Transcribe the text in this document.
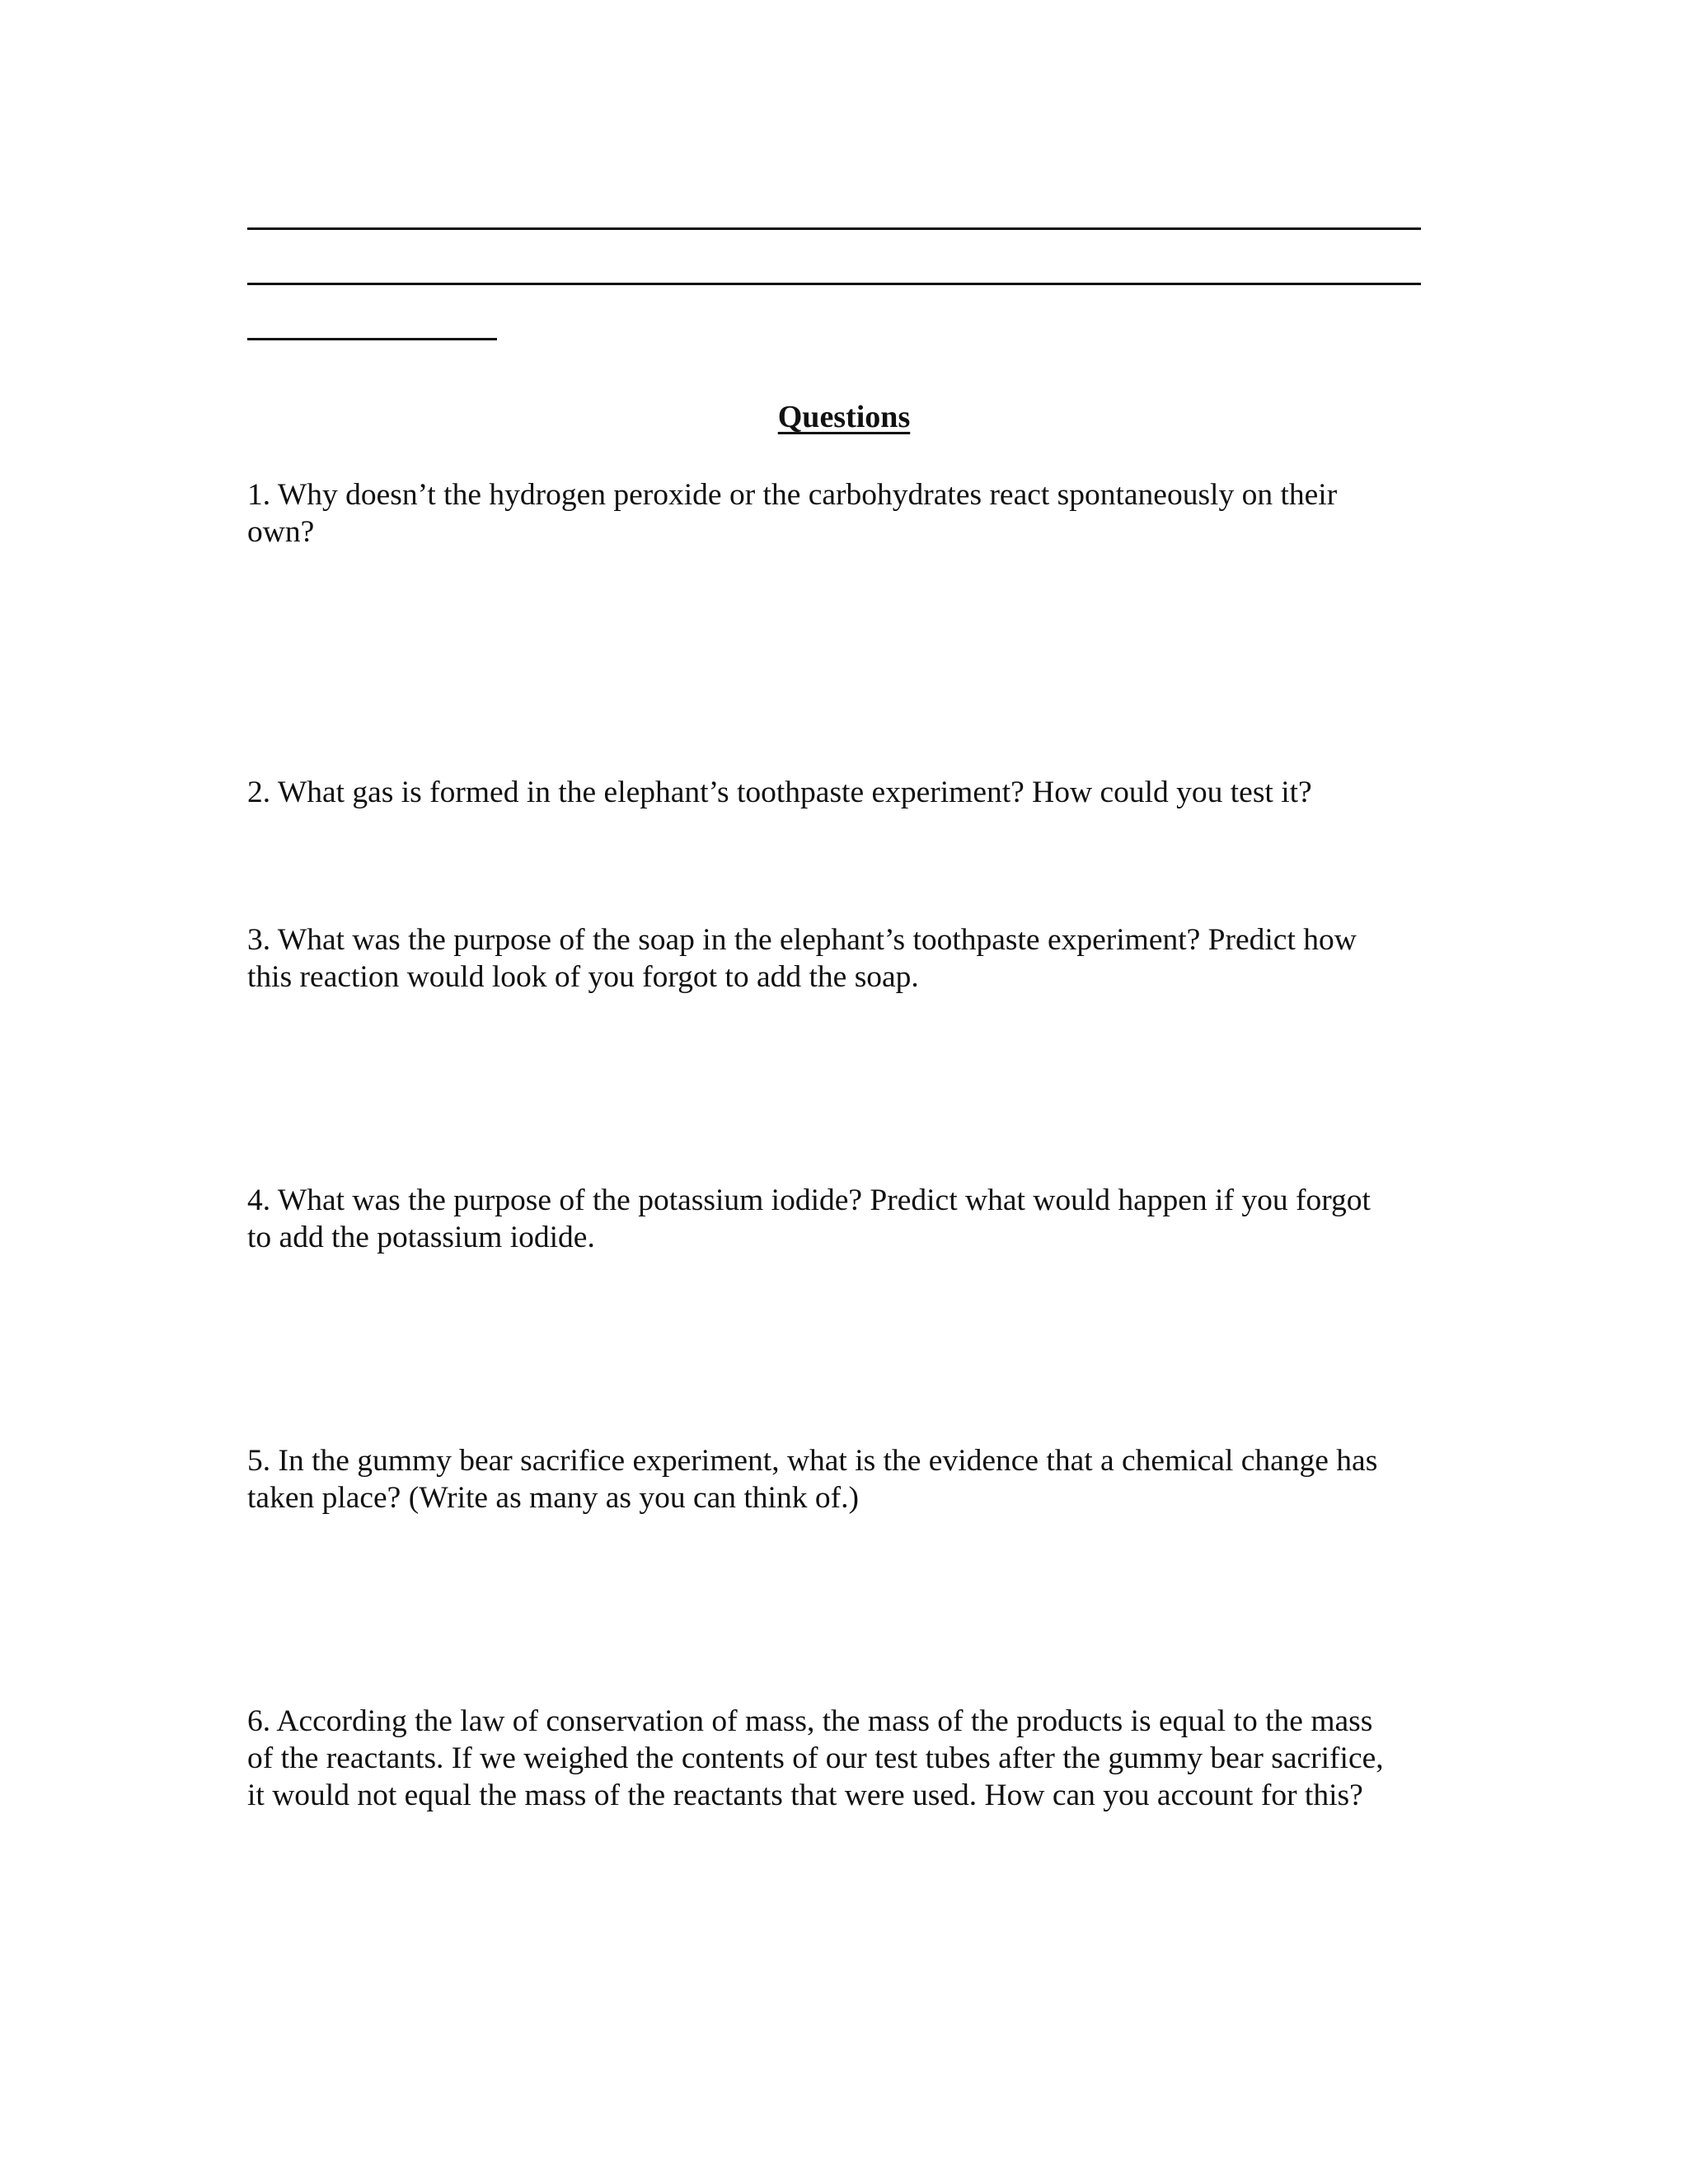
Questions
1. Why doesn’t the hydrogen peroxide or the carbohydrates react spontaneously on their
own?
2. What gas is formed in the elephant’s toothpaste experiment? How could you test it?
3. What was the purpose of the soap in the elephant’s toothpaste experiment? Predict how
this reaction would look of you forgot to add the soap.
4. What was the purpose of the potassium iodide? Predict what would happen if you forgot
to add the potassium iodide.
5. In the gummy bear sacrifice experiment, what is the evidence that a chemical change has
taken place? (Write as many as you can think of.)
6. According the law of conservation of mass, the mass of the products is equal to the mass
of the reactants. If we weighed the contents of our test tubes after the gummy bear sacrifice,
it would not equal the mass of the reactants that were used. How can you account for this?
